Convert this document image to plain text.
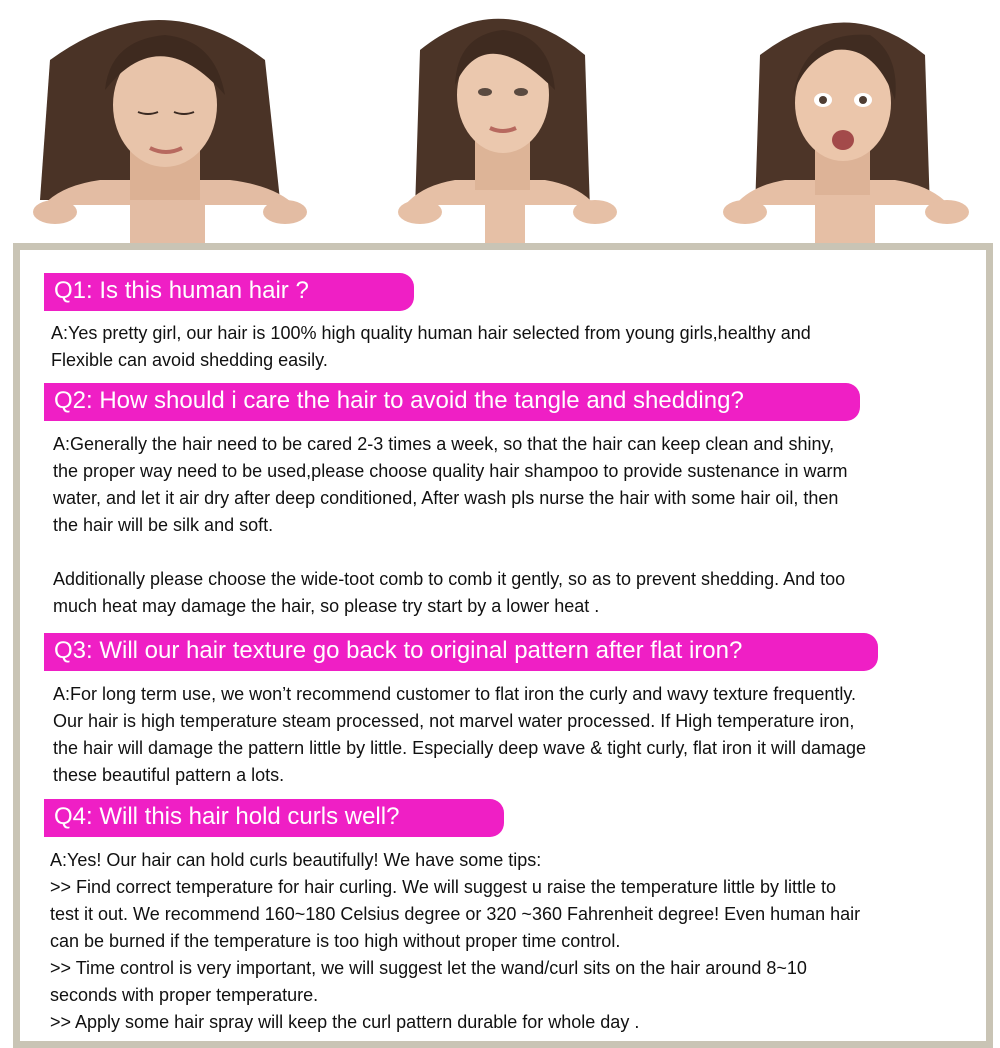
Q1: Is this human hair ?
A:Yes pretty girl, our hair is 100% high quality human hair selected from young girls,healthy and
Flexible can avoid shedding easily.
Q2: How should i care the hair to avoid the tangle and shedding?
A:Generally the hair need to be cared 2-3 times a week, so that the hair can keep clean and shiny,
the proper way need to be used,please choose quality hair shampoo to provide sustenance in warm
water, and let it air dry after deep conditioned, After wash pls nurse the hair with some hair oil, then
the hair will be silk and soft.

Additionally please choose the wide-toot comb to comb it gently, so as to prevent shedding. And too
much heat may damage the hair, so please try start by a lower heat .
Q3: Will our hair texture go back to original pattern after flat iron?
A:For long term use, we won’t recommend customer to flat iron the curly and wavy texture frequently.
Our hair is high temperature steam processed, not marvel water processed. If High temperature iron,
the hair will damage the pattern little by little. Especially deep wave & tight curly, flat iron it will damage
these beautiful pattern a lots.
Q4: Will this hair hold curls well?
A:Yes! Our hair can hold curls beautifully! We have some tips:
>> Find correct temperature for hair curling. We will suggest u raise the temperature little by little to
test it out. We recommend 160~180 Celsius degree or 320 ~360 Fahrenheit degree! Even human hair
can be burned if the temperature is too high without proper time control.
>> Time control is very important, we will suggest let the wand/curl sits on the hair around 8~10
seconds with proper temperature.
>> Apply some hair spray will keep the curl pattern durable for whole day .
